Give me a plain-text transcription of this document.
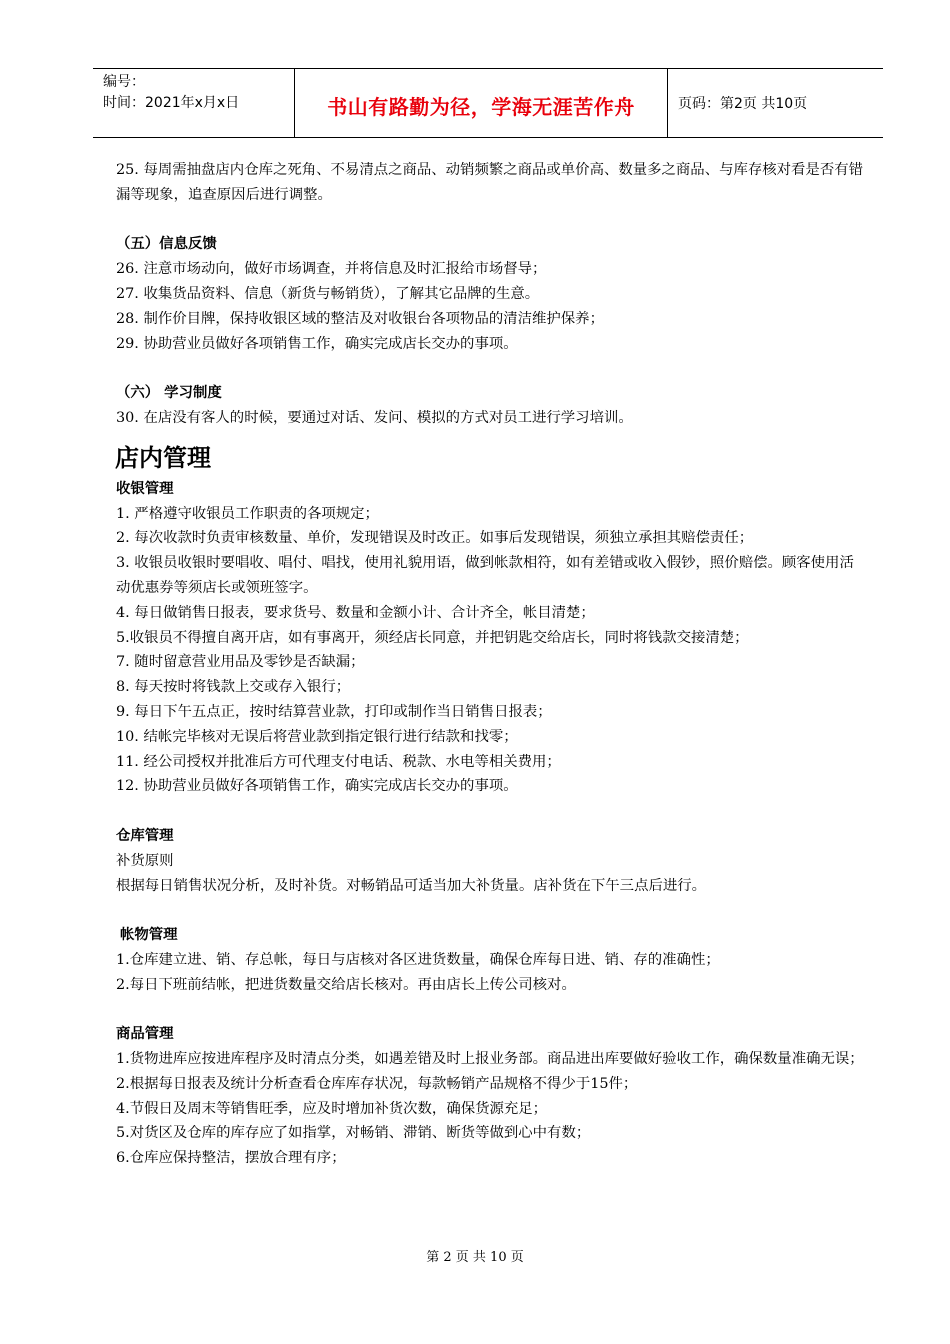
编号：
时间：2021年x月x日	书山有路勤为径，学海无涯苦作舟	页码：第2页 共10页

25. 每周需抽盘店内仓库之死角、不易清点之商品、动销频繁之商品或单价高、数量多之商品、与库存核对看是否有错漏等现象，追查原因后进行调整。

（五）信息反馈

26. 注意市场动向，做好市场调查，并将信息及时汇报给市场督导；

27. 收集货品资料、信息（新货与畅销货），了解其它品牌的生意。

28. 制作价目牌，保持收银区域的整洁及对收银台各项物品的清洁维护保养；

29. 协助营业员做好各项销售工作，确实完成店长交办的事项。

（六） 学习制度

30. 在店没有客人的时候，要通过对话、发问、模拟的方式对员工进行学习培训。

店内管理

收银管理

1. 严格遵守收银员工作职责的各项规定；

2. 每次收款时负责审核数量、单价，发现错误及时改正。如事后发现错误，须独立承担其赔偿责任；

3. 收银员收银时要唱收、唱付、唱找，使用礼貌用语，做到帐款相符，如有差错或收入假钞，照价赔偿。顾客使用活动优惠券等须店长或领班签字。

4. 每日做销售日报表，要求货号、数量和金额小计、合计齐全，帐目清楚；

5.收银员不得擅自离开店，如有事离开，须经店长同意，并把钥匙交给店长，同时将钱款交接清楚；

7. 随时留意营业用品及零钞是否缺漏；

8. 每天按时将钱款上交或存入银行；

9. 每日下午五点正，按时结算营业款，打印或制作当日销售日报表；

10. 结帐完毕核对无误后将营业款到指定银行进行结款和找零；

11. 经公司授权并批准后方可代理支付电话、税款、水电等相关费用；

12. 协助营业员做好各项销售工作，确实完成店长交办的事项。

仓库管理

补货原则

根据每日销售状况分析，及时补货。对畅销品可适当加大补货量。店补货在下午三点后进行。

帐物管理

1.仓库建立进、销、存总帐，每日与店核对各区进货数量，确保仓库每日进、销、存的准确性；

2.每日下班前结帐，把进货数量交给店长核对。再由店长上传公司核对。

商品管理

1.货物进库应按进库程序及时清点分类，如遇差错及时上报业务部。商品进出库要做好验收工作，确保数量准确无误；

2.根据每日报表及统计分析查看仓库库存状况，每款畅销产品规格不得少于15件；

4.节假日及周末等销售旺季，应及时增加补货次数，确保货源充足；

5.对货区及仓库的库存应了如指掌，对畅销、滞销、断货等做到心中有数；

6.仓库应保持整洁，摆放合理有序；

第 2 页 共 10 页
